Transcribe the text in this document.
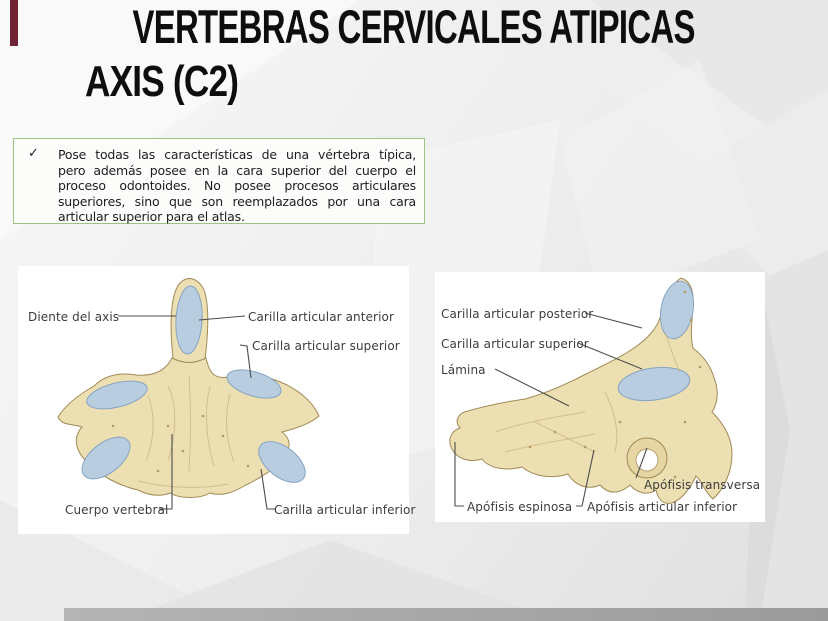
VERTEBRAS CERVICALES ATIPICAS
AXIS (C2)
✓ Pose todas las características de una vértebra típica,
pero además posee en la cara superior del cuerpo el
proceso odontoides. No posee procesos articulares
superiores, sino que son reemplazados por una cara
articular superior para el atlas.
Diente del axis	Carilla articular anterior
Carilla articular superior
Cuerpo vertebral	Carilla articular inferior
Carilla articular posterior
Carilla articular superior
Lámina
Apófisis transversa
Apófisis espinosa Apófisis articular inferior
